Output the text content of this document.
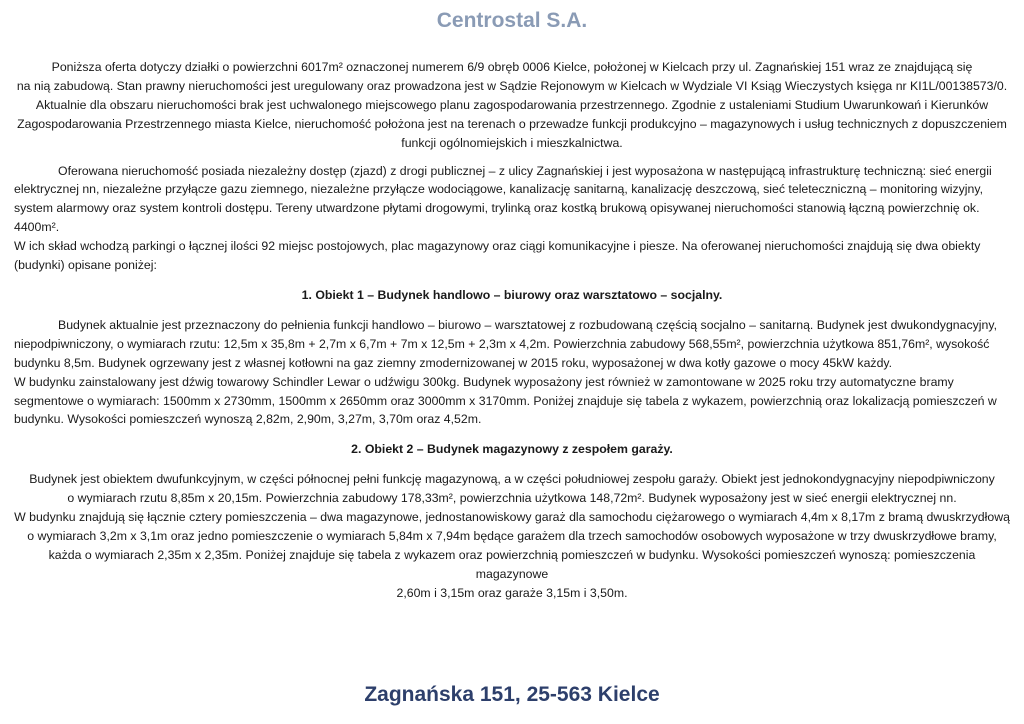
Centrostal S.A.

Poniższa oferta dotyczy działki o powierzchni 6017m² oznaczonej numerem 6/9 obręb 0006 Kielce, położonej w Kielcach przy ul. Zagnańskiej 151 wraz ze znajdującą się

na nią zabudową. Stan prawny nieruchomości jest uregulowany oraz prowadzona jest w Sądzie Rejonowym w Kielcach w Wydziale VI Ksiąg Wieczystych księga nr KI1L/00138573/0.

Aktualnie dla obszaru nieruchomości brak jest uchwalonego miejscowego planu zagospodarowania przestrzennego. Zgodnie z ustaleniami Studium Uwarunkowań i Kierunków

Zagospodarowania Przestrzennego miasta Kielce, nieruchomość położona jest na terenach o przewadze funkcji produkcyjno – magazynowych i usług technicznych z dopuszczeniem

funkcji ogólnomiejskich i mieszkalnictwa.

Oferowana nieruchomość posiada niezależny dostęp (zjazd) z drogi publicznej – z ulicy Zagnańskiej i jest wyposażona w następującą infrastrukturę techniczną: sieć energii elektrycznej nn, niezależne przyłącze gazu ziemnego, niezależne przyłącze wodociągowe, kanalizację sanitarną, kanalizację deszczową, sieć teleteczniczną – monitoring wizyjny, system alarmowy oraz system kontroli dostępu. Tereny utwardzone płytami drogowymi, trylinką oraz kostką brukową opisywanej nieruchomości stanowią łączną powierzchnię ok. 4400m².

W ich skład wchodzą parkingi o łącznej ilości 92 miejsc postojowych, plac magazynowy oraz ciągi komunikacyjne i piesze. Na oferowanej nieruchomości znajdują się dwa obiekty (budynki) opisane poniżej:

1. Obiekt 1 – Budynek handlowo – biurowy oraz warsztatowo – socjalny.

Budynek aktualnie jest przeznaczony do pełnienia funkcji handlowo – biurowo – warsztatowej z rozbudowaną częścią socjalno – sanitarną. Budynek jest dwukondygnacyjny, niepodpiwniczony, o wymiarach rzutu: 12,5m x 35,8m + 2,7m x 6,7m + 7m x 12,5m + 2,3m x 4,2m. Powierzchnia zabudowy 568,55m², powierzchnia użytkowa 851,76m², wysokość budynku 8,5m. Budynek ogrzewany jest z własnej kotłowni na gaz ziemny zmodernizowanej w 2015 roku, wyposażonej w dwa kotły gazowe o mocy 45kW każdy.

W budynku zainstalowany jest dźwig towarowy Schindler Lewar o udźwigu 300kg. Budynek wyposażony jest również w zamontowane w 2025 roku trzy automatyczne bramy segmentowe o wymiarach: 1500mm x 2730mm, 1500mm x 2650mm oraz 3000mm x 3170mm. Poniżej znajduje się tabela z wykazem, powierzchnią oraz lokalizacją pomieszczeń w budynku. Wysokości pomieszczeń wynoszą 2,82m, 2,90m, 3,27m, 3,70m oraz 4,52m.

2. Obiekt 2 – Budynek magazynowy z zespołem garaży.

Budynek jest obiektem dwufunkcyjnym, w części północnej pełni funkcję magazynową, a w części południowej zespołu garaży. Obiekt jest jednokondygnacyjny niepodpiwniczony

o wymiarach rzutu 8,85m x 20,15m. Powierzchnia zabudowy 178,33m², powierzchnia użytkowa 148,72m². Budynek wyposażony jest w sieć energii elektrycznej nn.

W budynku znajdują się łącznie cztery pomieszczenia – dwa magazynowe, jednostanowiskowy garaż dla samochodu ciężarowego o wymiarach 4,4m x 8,17m z bramą dwuskrzydłową

o wymiarach 3,2m x 3,1m oraz jedno pomieszczenie o wymiarach 5,84m x 7,94m będące garażem dla trzech samochodów osobowych wyposażone w trzy dwuskrzydłowe bramy,

każda o wymiarach 2,35m x 2,35m. Poniżej znajduje się tabela z wykazem oraz powierzchnią pomieszczeń w budynku. Wysokości pomieszczeń wynoszą: pomieszczenia magazynowe

2,60m i 3,15m oraz garaże 3,15m i 3,50m.

Zagnańska 151, 25-563 Kielce
